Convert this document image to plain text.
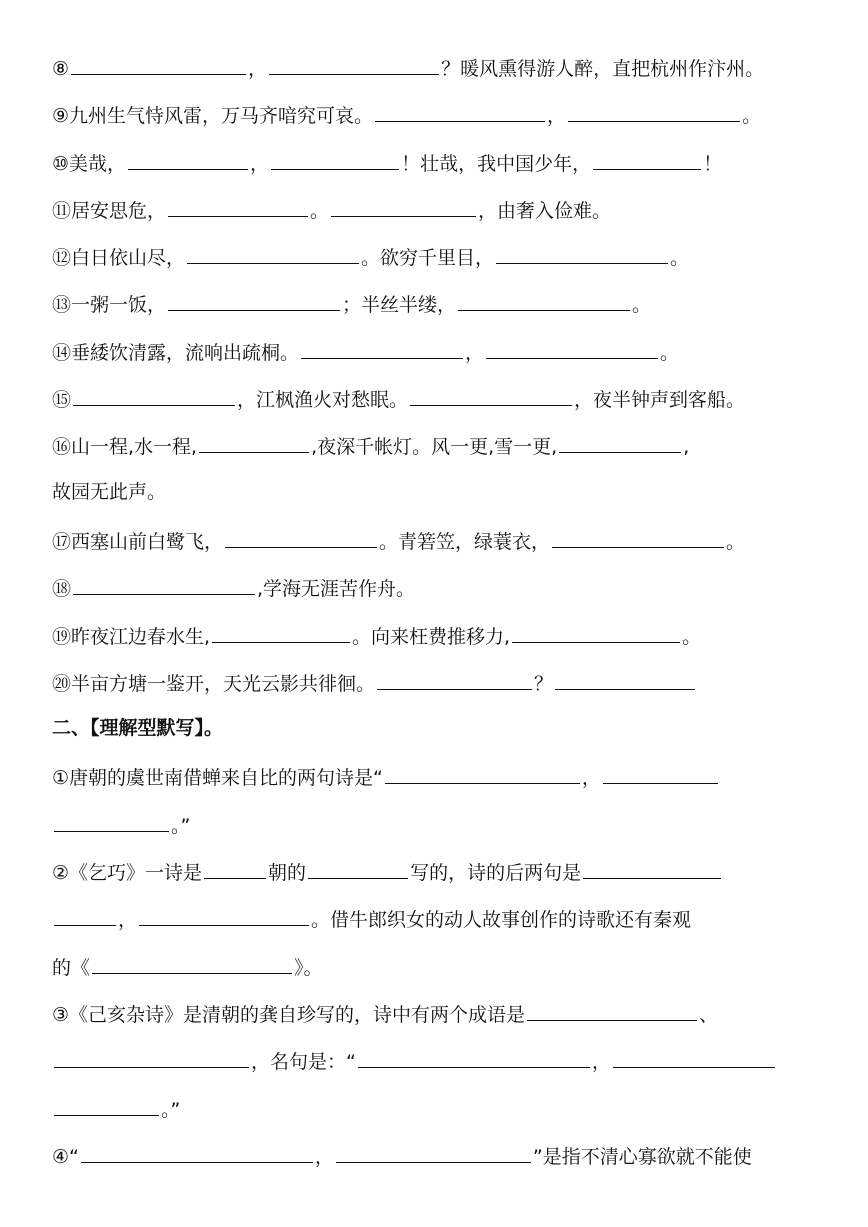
⑧	，	？暖风熏得游人醉，直把杭州作汴州。
⑨九州生气恃风雷，万马齐喑究可哀。	，	。
⑩美哉，	，	！壮哉，我中国少年，	！
⑪居安思危，	。	，由奢入俭难。
⑫白日依山尽，	。欲穷千里目，	。
⑬一粥一饭，	；半丝半缕，	。
⑭垂緌饮清露，流响出疏桐。	，	。
⑮	，江枫渔火对愁眠。	，夜半钟声到客船。
⑯山一程,水一程,	,夜深千帐灯。风一更,雪一更,	,
故园无此声。
⑰西塞山前白鹭飞，	。青箬笠，绿蓑衣，	。
⑱	,学海无涯苦作舟。
⑲昨夜江边春水生,	。向来枉费推移力,	。
⑳半亩方塘一鉴开，天光云影共徘徊。	？
二、【理解型默写】。
①唐朝的虞世南借蝉来自比的两句诗是“	，
。”
②《乞巧》一诗是	朝的	写的，诗的后两句是
，	。借牛郎织女的动人故事创作的诗歌还有秦观
的《	》。
③《己亥杂诗》是清朝的龚自珍写的，诗中有两个成语是	、
，名句是：“	，
。”
④“	，	”是指不清心寡欲就不能使
